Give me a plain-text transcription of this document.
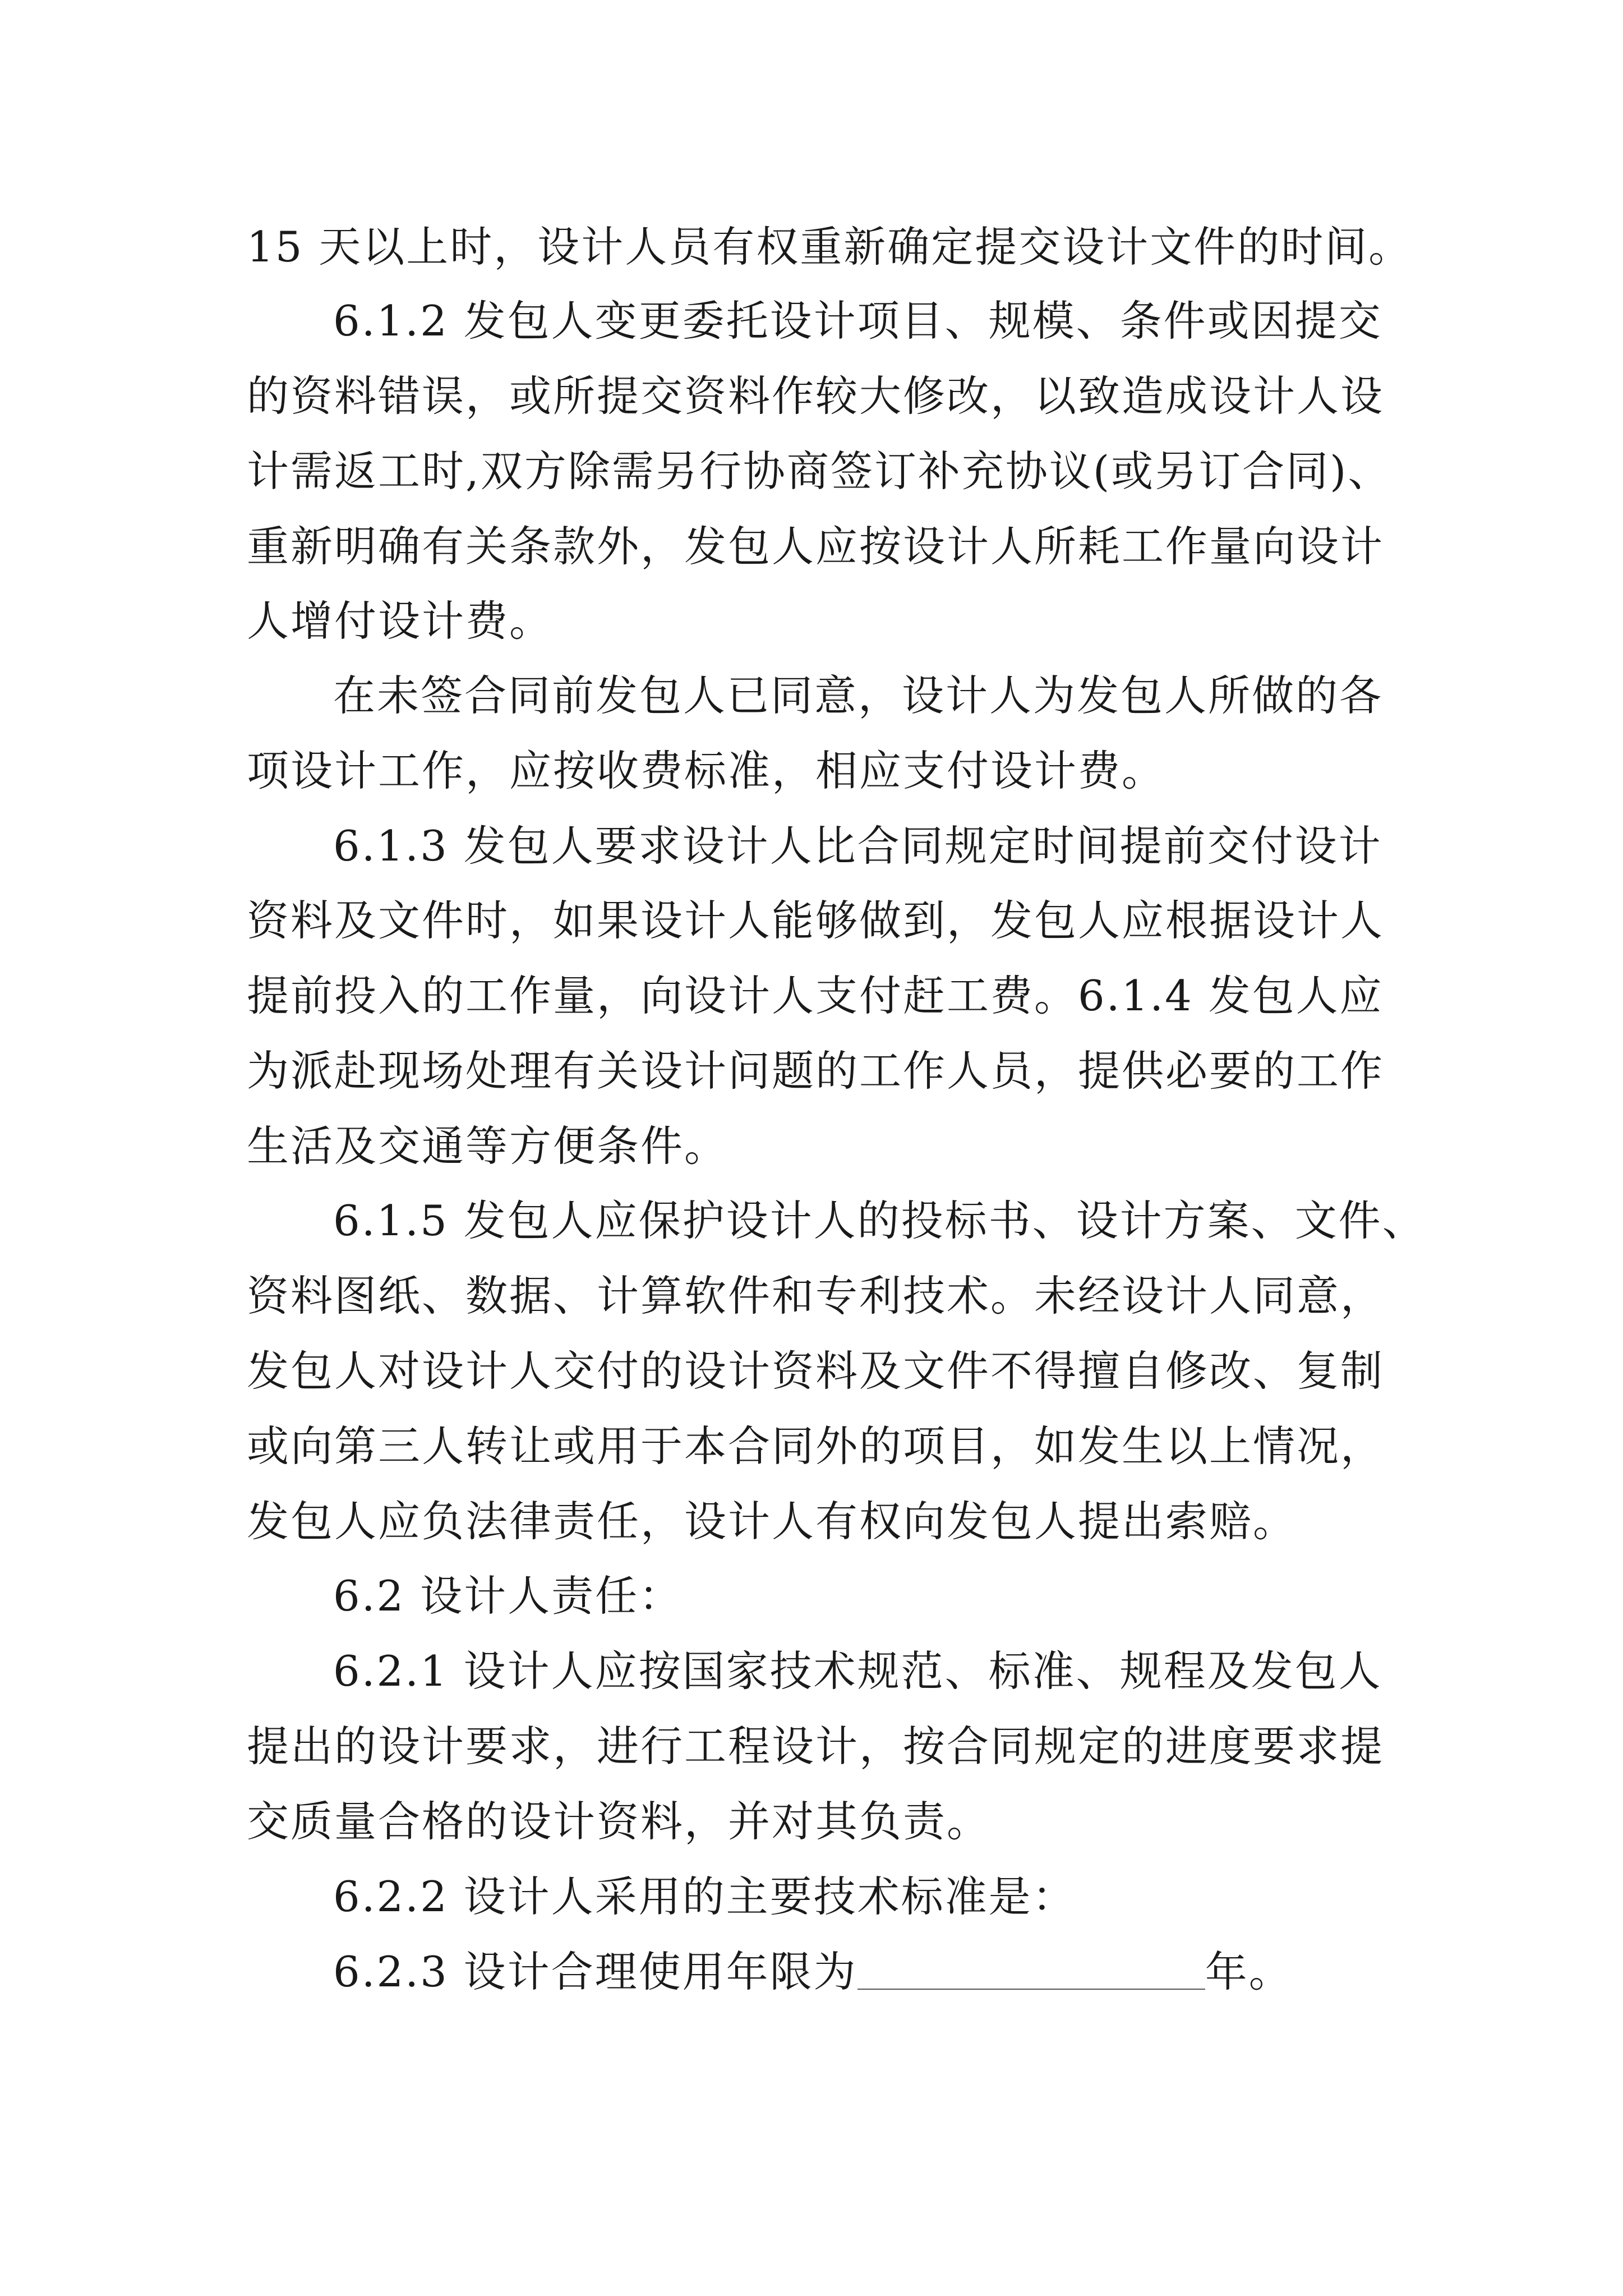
15 天以上时，设计人员有权重新确定提交设计文件的时间。

6.1.2 发包人变更委托设计项目、规模、条件或因提交

的资料错误，或所提交资料作较大修改，以致造成设计人设

计需返工时,双方除需另行协商签订补充协议(或另订合同)、

重新明确有关条款外，发包人应按设计人所耗工作量向设计

人增付设计费。

在未签合同前发包人已同意，设计人为发包人所做的各

项设计工作，应按收费标准，相应支付设计费。

6.1.3 发包人要求设计人比合同规定时间提前交付设计

资料及文件时，如果设计人能够做到，发包人应根据设计人

提前投入的工作量，向设计人支付赶工费。6.1.4 发包人应

为派赴现场处理有关设计问题的工作人员，提供必要的工作

生活及交通等方便条件。

6.1.5 发包人应保护设计人的投标书、设计方案、文件、

资料图纸、数据、计算软件和专利技术。未经设计人同意，

发包人对设计人交付的设计资料及文件不得擅自修改、复制

或向第三人转让或用于本合同外的项目，如发生以上情况，

发包人应负法律责任，设计人有权向发包人提出索赔。

6.2 设计人责任：

6.2.1 设计人应按国家技术规范、标准、规程及发包人

提出的设计要求，进行工程设计，按合同规定的进度要求提

交质量合格的设计资料，并对其负责。

6.2.2 设计人采用的主要技术标准是：

6.2.3 设计合理使用年限为	年。
